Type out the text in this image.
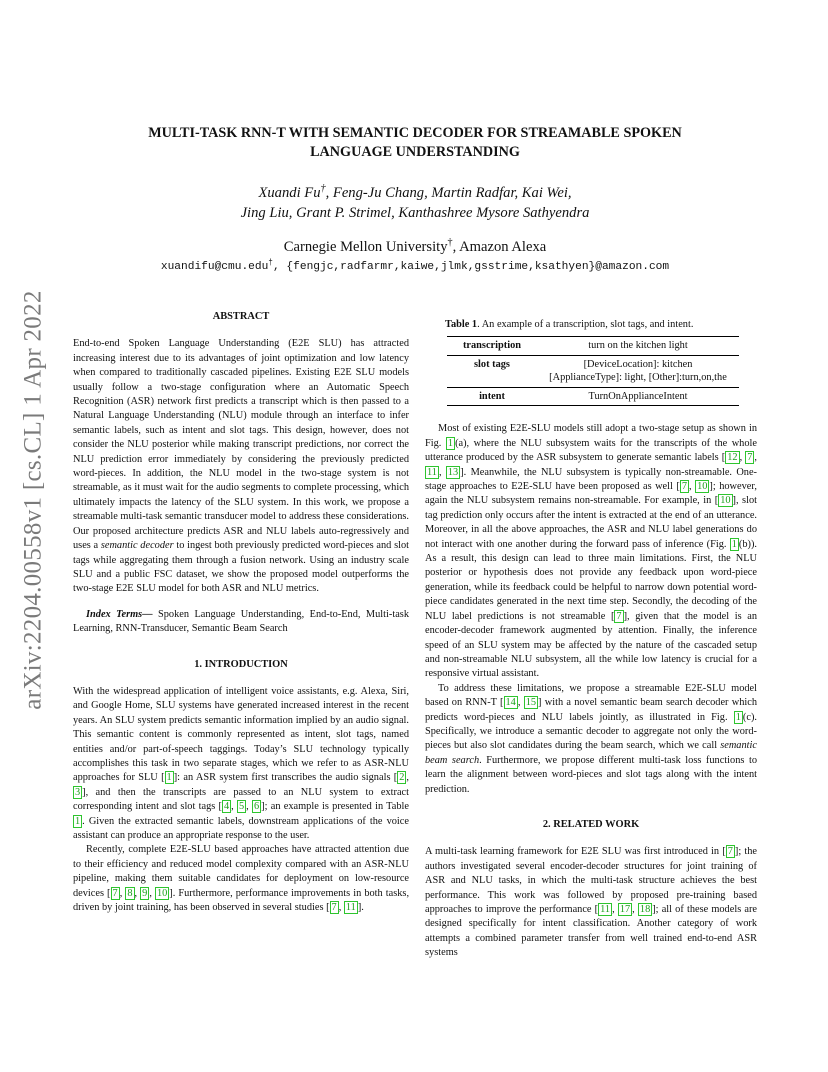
arXiv:2204.00558v1 [cs.CL] 1 Apr 2022
MULTI-TASK RNN-T WITH SEMANTIC DECODER FOR STREAMABLE SPOKEN
LANGUAGE UNDERSTANDING
Xuandi Fu†, Feng-Ju Chang, Martin Radfar, Kai Wei,
Jing Liu, Grant P. Strimel, Kanthashree Mysore Sathyendra
Carnegie Mellon University†, Amazon Alexa
xuandifu@cmu.edu†, {fengjc,radfarmr,kaiwe,jlmk,gsstrime,ksathyen}@amazon.com
ABSTRACT

End-to-end Spoken Language Understanding (E2E SLU) has attracted increasing interest due to its advantages of joint optimization and low latency when compared to traditionally cascaded pipelines. Existing E2E SLU models usually follow a two-stage configuration where an Automatic Speech Recognition (ASR) network first predicts a transcript which is then passed to a Natural Language Understanding (NLU) module through an interface to infer semantic labels, such as intent and slot tags. This design, however, does not consider the NLU posterior while making transcript predictions, nor correct the NLU prediction error immediately by considering the previously predicted word-pieces. In addition, the NLU model in the two-stage system is not streamable, as it must wait for the audio segments to complete processing, which ultimately impacts the latency of the SLU system. In this work, we propose a streamable multi-task semantic transducer model to address these considerations. Our proposed architecture predicts ASR and NLU labels auto-regressively and uses a semantic decoder to ingest both previously predicted word-pieces and slot tags while aggregating them through a fusion network. Using an industry scale SLU and a public FSC dataset, we show the proposed model outperforms the two-stage E2E SLU model for both ASR and NLU metrics.

Index Terms— Spoken Language Understanding, End-to-End, Multi-task Learning, RNN-Transducer, Semantic Beam Search

1. INTRODUCTION

With the widespread application of intelligent voice assistants, e.g. Alexa, Siri, and Google Home, SLU systems have generated increased interest in the recent years. An SLU system predicts semantic information implied by an audio signal. This semantic content is commonly represented as intent, slot tags, named entities and/or part-of-speech taggings. Today’s SLU technology typically accomplishes this task in two separate stages, which we refer to as ASR-NLU approaches for SLU [ 1 ]: an ASR system first transcribes the audio signals [ 2 , 3 ], and then the transcripts are passed to an NLU system to extract corresponding intent and slot tags [ 4 , 5 , 6 ]; an example is presented in Table 1 . Given the extracted semantic labels, downstream applications of the voice assistant can produce an appropriate response to the user.

Recently, complete E2E-SLU based approaches have attracted attention due to their efficiency and reduced model complexity compared with an ASR-NLU pipeline, making them suitable candidates for deployment on low-resource devices [ 7 , 8 , 9 , 10 ]. Furthermore, performance improvements in both tasks, driven by joint training, has been observed in several studies [ 7 , 11 ].

Table 1. An example of a transcription, slot tags, and intent.
transcription	turn on the kitchen light
slot tags	[DeviceLocation]: kitchen
[ApplianceType]: light, [Other]:turn,on,the

intent	TurnOnApplianceIntent

Most of existing E2E-SLU models still adopt a two-stage setup as shown in Fig. 1 (a), where the NLU subsystem waits for the transcripts of the whole utterance produced by the ASR subsystem to generate semantic labels [ 12 , 7 , 11 , 13 ]. Meanwhile, the NLU subsystem is typically non-streamable. One-stage approaches to E2E-SLU have been proposed as well [ 7 , 10 ]; however, again the NLU subsystem remains non-streamable. For example, in [ 10 ], slot tag prediction only occurs after the intent is extracted at the end of an utterance. Moreover, in all the above approaches, the ASR and NLU label generations do not interact with one another during the forward pass of inference (Fig. 1 (b)). As a result, this design can lead to three main limitations. First, the NLU posterior or hypothesis does not provide any feedback upon word-piece generation, while its feedback could be helpful to narrow down potential word-piece candidates generated in the next time step. Secondly, the decoding of the NLU label predictions is not streamable [ 7 ], given that the model is an encoder-decoder framework augmented by attention. Finally, the inference speed of an SLU system may be affected by the nature of the cascaded setup and non-streamable NLU subsystem, all the while low latency is crucial for a responsive virtual assistant.

To address these limitations, we propose a streamable E2E-SLU model based on RNN-T [ 14 , 15 ] with a novel semantic beam search decoder which predicts word-pieces and NLU labels jointly, as illustrated in Fig. 1 (c). Specifically, we introduce a semantic decoder to aggregate not only the word-pieces but also slot candidates during the beam search, which we call semantic beam search. Furthermore, we propose different multi-task loss functions to learn the alignment between word-pieces and slot tags along with the intent prediction.

2. RELATED WORK

A multi-task learning framework for E2E SLU was first introduced in [ 7 ]; the authors investigated several encoder-decoder structures for joint training of ASR and NLU tasks, in which the multi-task structure achieves the best performance. This work was followed by proposed pre-training based approaches to improve the performance [ 11 , 17 , 18 ]; all of these models are designed specifically for intent classification. Another category of work attempts a combined parameter transfer from well trained end-to-end ASR systems
